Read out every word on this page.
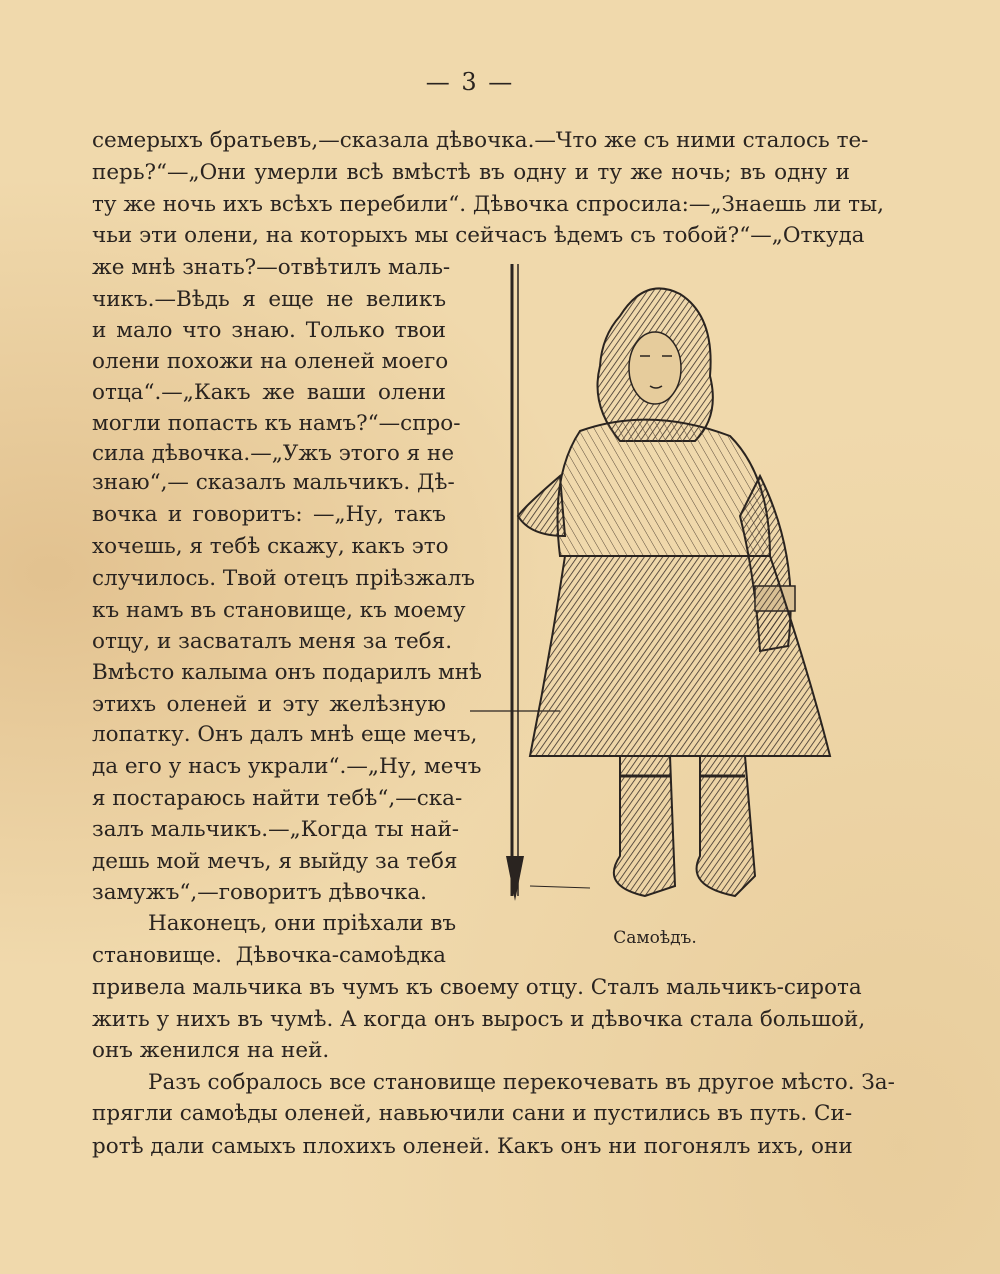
— 3 —
семерыхъ братьевъ,—сказала дѣвочка.—Что же съ ними сталось те-
перь?“—„Они умерли всѣ вмѣстѣ въ одну и ту же ночь; въ одну и
ту же ночь ихъ всѣхъ перебили“. Дѣвочка спросила:—„Знаешь ли ты,
чьи эти олени, на которыхъ мы сейчасъ ѣдемъ съ тобой?“—„Откуда
же мнѣ знать?—отвѣтилъ маль-
чикъ.—Вѣдь я еще не великъ
и мало что знаю. Только твои
олени похожи на оленей моего
отца“.—„Какъ же ваши олени
могли попасть къ намъ?“—спро-
сила дѣвочка.—„Ужъ этого я не
знаю“,— сказалъ мальчикъ. Дѣ-
вочка и говоритъ: —„Ну, такъ
хочешь, я тебѣ скажу, какъ это
случилось. Твой отецъ пріѣзжалъ
къ намъ въ становище, къ моему
отцу, и засваталъ меня за тебя.
Вмѣсто калыма онъ подарилъ мнѣ
этихъ оленей и эту желѣзную
лопатку. Онъ далъ мнѣ еще мечъ,
да его у насъ украли“.—„Ну, мечъ
я постараюсь найти тебѣ“,—ска-
залъ мальчикъ.—„Когда ты най-
дешь мой мечъ, я выйду за тебя
замужъ“,—говоритъ дѣвочка.
Наконецъ, они пріѣхали въ
становище. Дѣвочка-самоѣдка
Самоѣдъ.
привела мальчика въ чумъ къ своему отцу. Сталъ мальчикъ-сирота
жить у нихъ въ чумѣ. А когда онъ выросъ и дѣвочка стала большой,
онъ женился на ней.
Разъ собралось все становище перекочевать въ другое мѣсто. За-
прягли самоѣды оленей, навьючили сани и пустились въ путь. Си-
ротѣ дали самыхъ плохихъ оленей. Какъ онъ ни погонялъ ихъ, они
